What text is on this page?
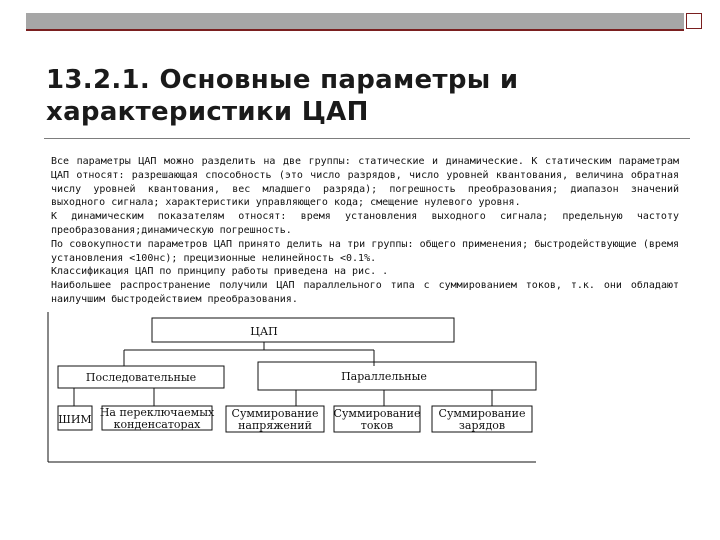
13.2.1. Основные параметры и
характеристики ЦАП

Все параметры ЦАП можно разделить на две группы: статические и динамические. К статическим параметрам ЦАП относят: разрешающая способность (это число разрядов, число уровней квантования, величина обратная числу уровней квантования, вес младшего разряда); погрешность преобразования; диапазон значений выходного сигнала; характеристики управляющего кода; смещение нулевого уровня.

К динамическим показателям относят: время установления выходного сигнала; предельную частоту преобразования;динамическую погрешность.

По совокупности параметров ЦАП принято делить на три группы: общего применения; быстродействующие (время установления <100нс); прецизионные нелинейность <0.1%.

Классификация ЦАП по принципу работы приведена на рис. .

Наибольшее распространение получили ЦАП параллельного типа с суммированием токов, т.к. они обладают наилучшим быстродействием преобразования.

ЦАП
Последовательные	Параллельные
ШИМ
На переключаемых
конденсаторах
Суммирование
напряжений
Суммирование
токов
Суммирование
зарядов
